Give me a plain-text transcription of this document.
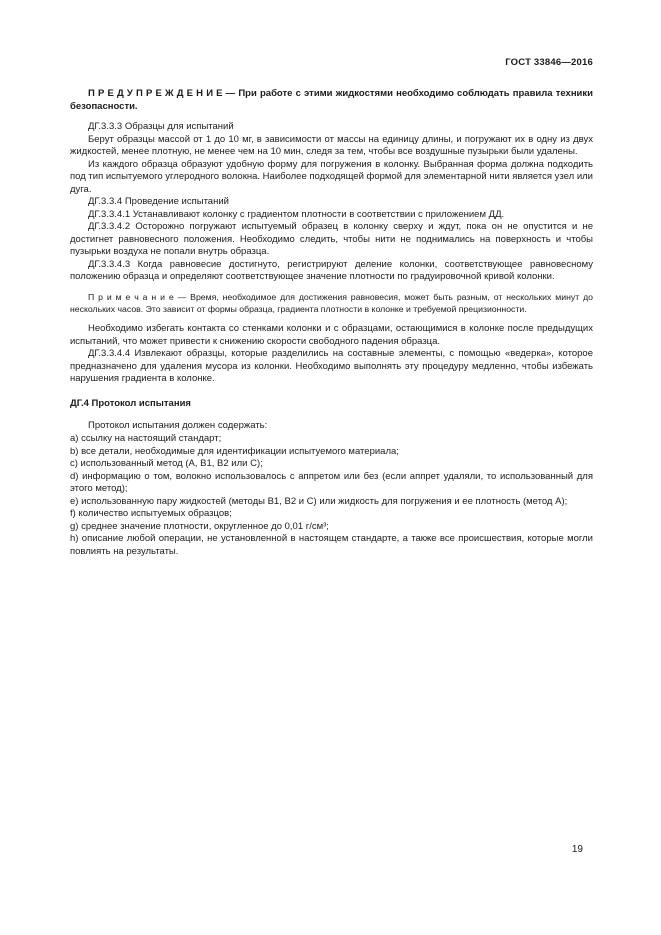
ГОСТ 33846—2016

П Р Е Д У П Р Е Ж Д Е Н И Е — При работе с этими жидкостями необходимо соблюдать правила техники безопасности.

ДГ.3.3.3 Образцы для испытаний

Берут образцы массой от 1 до 10 мг, в зависимости от массы на единицу длины, и погружают их в одну из двух жидкостей, менее плотную, не менее чем на 10 мин, следя за тем, чтобы все воздушные пузырьки были удалены.

Из каждого образца образуют удобную форму для погружения в колонку. Выбранная форма должна подходить под тип испытуемого углеродного волокна. Наиболее подходящей формой для элементарной нити является узел или дуга.

ДГ.3.3.4 Проведение испытаний

ДГ.3.3.4.1 Устанавливают колонку с градиентом плотности в соответствии с приложением ДД.

ДГ.3.3.4.2 Осторожно погружают испытуемый образец в колонку сверху и ждут, пока он не опустится и не достигнет равновесного положения. Необходимо следить, чтобы нити не поднимались на поверхность и чтобы пузырьки воздуха не попали внутрь образца.

ДГ.3.3.4.3 Когда равновесие достигнуто, регистрируют деление колонки, соответствующее равновесному положению образца и определяют соответствующее значение плотности по градуировочной кривой колонки.

П р и м е ч а н и е — Время, необходимое для достижения равновесия, может быть разным, от нескольких минут до нескольких часов. Это зависит от формы образца, градиента плотности в колонке и требуемой прецизионности.

Необходимо избегать контакта со стенками колонки и с образцами, остающимися в колонке после предыдущих испытаний, что может привести к снижению скорости свободного падения образца.

ДГ.3.3.4.4 Извлекают образцы, которые разделились на составные элементы, с помощью «ведерка», которое предназначено для удаления мусора из колонки. Необходимо выполнять эту процедуру медленно, чтобы избежать нарушения градиента в колонке.

ДГ.4 Протокол испытания

Протокол испытания должен содержать:

a) ссылку на настоящий стандарт;

b) все детали, необходимые для идентификации испытуемого материала;

c) использованный метод (А, В1, В2 или С);

d) информацию о том, волокно использовалось с аппретом или без (если аппрет удаляли, то использованный для этого метод);

e) использованную пару жидкостей (методы В1, В2 и С) или жидкость для погружения и ее плотность (метод А);

f) количество испытуемых образцов;

g) среднее значение плотности, округленное до 0,01 г/см³;

h) описание любой операции, не установленной в настоящем стандарте, а также все происшествия, которые могли повлиять на результаты.

19
